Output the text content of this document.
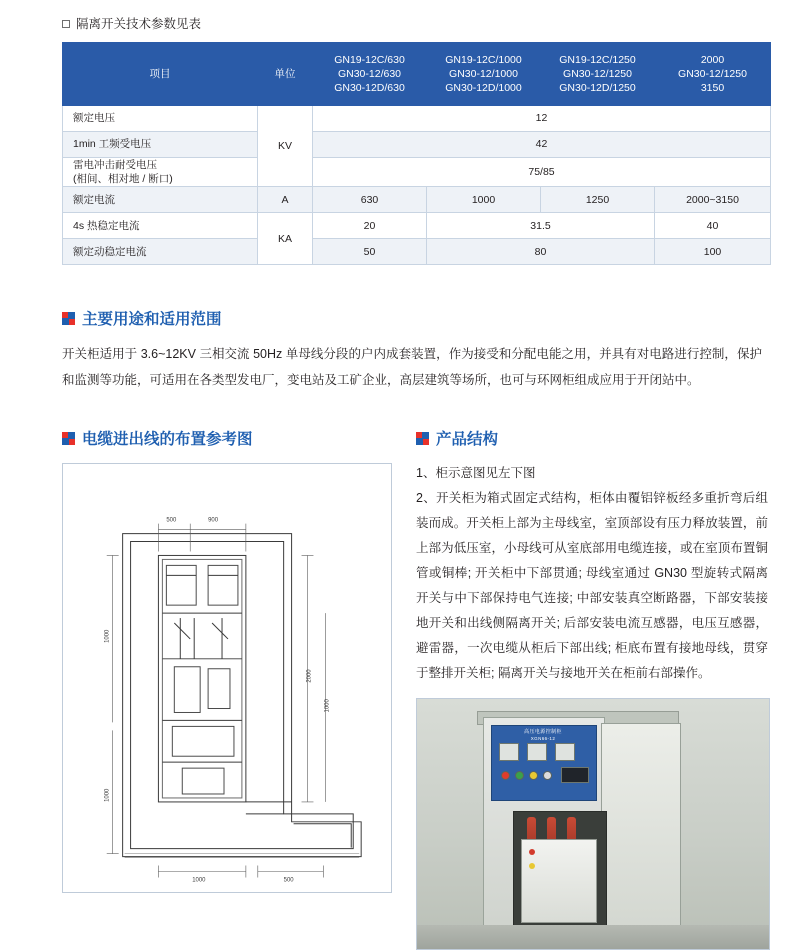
隔离开关技术参数见表
项目	单位	GN19-12C/630
GN30-12/630
GN30-12D/630	GN19-12C/1000
GN30-12/1000
GN30-12D/1000	GN19-12C/1250
GN30-12/1250
GN30-12D/1250	2000
GN30-12/1250
3150

额定电压	KV	12			
1min 工频受电压		42			

雷电冲击耐受电压
(相间、相对地 / 断口)		75/85			
额定电流	A	630	1000	1250	2000~3150
4s 热稳定电流	KA	20	31.5		40
额定动稳定电流		50	80		100
主要用途和适用范围
开关柜适用于 3.6~12KV 三相交流 50Hz 单母线分段的户内成套装置，作为接受和分配电能之用，并具有对电路进行控制，保护和监测等功能，可适用在各类型发电厂，变电站及工矿企业，高层建筑等场所，也可与环网柜组成应用于开闭站中。
电缆进出线的布置参考图
500	900
2000
1000
1000
1000
1000	500
产品结构

1、柜示意图见左下图

2、开关柜为箱式固定式结构，柜体由覆铝锌板经多重折弯后组装而成。开关柜上部为主母线室，室顶部设有压力释放装置，前上部为低压室，小母线可从室底部用电缆连接，或在室顶布置铜管或铜棒; 开关柜中下部贯通; 母线室通过 GN30 型旋转式隔离开关与中下部保持电气连接; 中部安装真空断路器，下部安装接地开关和出线侧隔离开关; 后部安装电流互感器，电压互感器，避雷器，一次电缆从柜后下部出线; 柜底布置有接地母线，贯穿于整排开关柜; 隔离开关与接地开关在柜前右部操作。

高压电源控制柜
XGN66-12
